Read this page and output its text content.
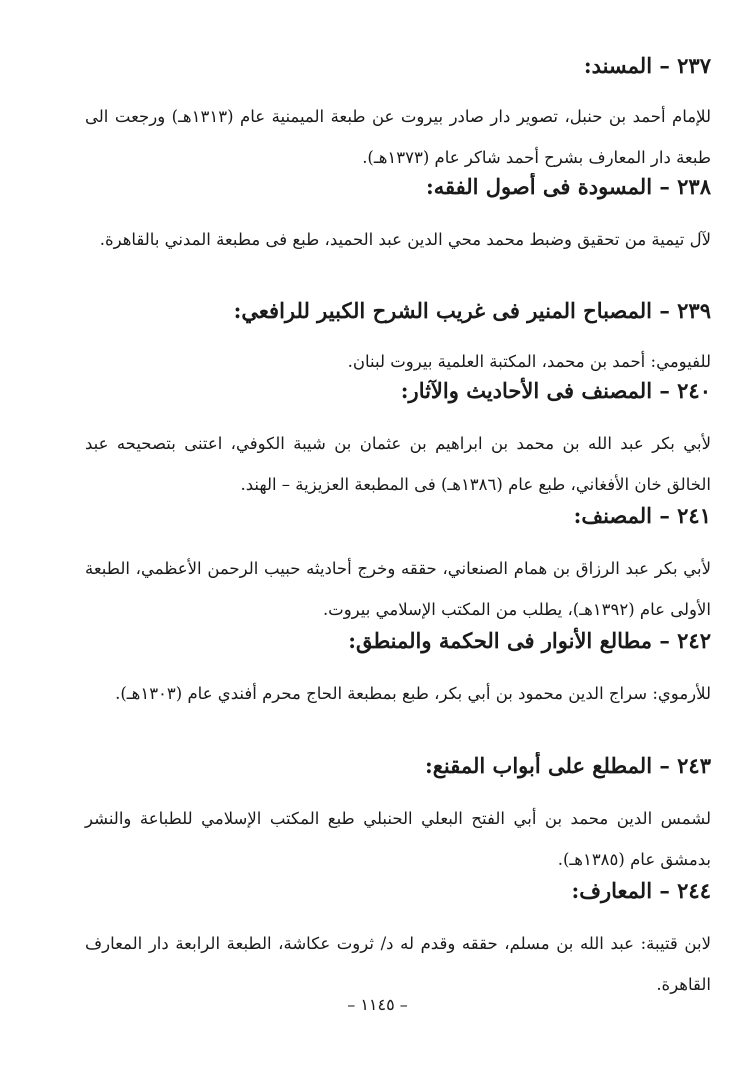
٢٣٧ – المسند:
للإمام أحمد بن حنبل، تصوير دار صادر بيروت عن طبعة الميمنية عام (١٣١٣هـ) ورجعت الى طبعة دار المعارف بشرح أحمد شاكر عام (١٣٧٣هـ).
٢٣٨ – المسودة فى أصول الفقه:
لآل تيمية من تحقيق وضبط محمد محي الدين عبد الحميد، طبع فى مطبعة المدني بالقاهرة.
٢٣٩ – المصباح المنير فى غريب الشرح الكبير للرافعي:
للفيومي: أحمد بن محمد، المكتبة العلمية بيروت لبنان.
٢٤٠ – المصنف فى الأحاديث والآثار:
لأبي بكر عبد الله بن محمد بن ابراهيم بن عثمان بن شيبة الكوفي، اعتنى بتصحيحه عبد الخالق خان الأفغاني، طبع عام (١٣٨٦هـ) فى المطبعة العزيزية – الهند.
٢٤١ – المصنف:
لأبي بكر عبد الرزاق بن همام الصنعاني، حققه وخرج أحاديثه حبيب الرحمن الأعظمي، الطبعة الأولى عام (١٣٩٢هـ)، يطلب من المكتب الإسلامي بيروت.
٢٤٢ – مطالع الأنوار فى الحكمة والمنطق:
للأرموي: سراج الدين محمود بن أبي بكر، طبع بمطبعة الحاج محرم أفندي عام (١٣٠٣هـ).
٢٤٣ – المطلع على أبواب المقنع:
لشمس الدين محمد بن أبي الفتح البعلي الحنبلي طبع المكتب الإسلامي للطباعة والنشر بدمشق عام (١٣٨٥هـ).
٢٤٤ – المعارف:
لابن قتيبة: عبد الله بن مسلم، حققه وقدم له د/ ثروت عكاشة، الطبعة الرابعة دار المعارف القاهرة.
– ١١٤٥ –
